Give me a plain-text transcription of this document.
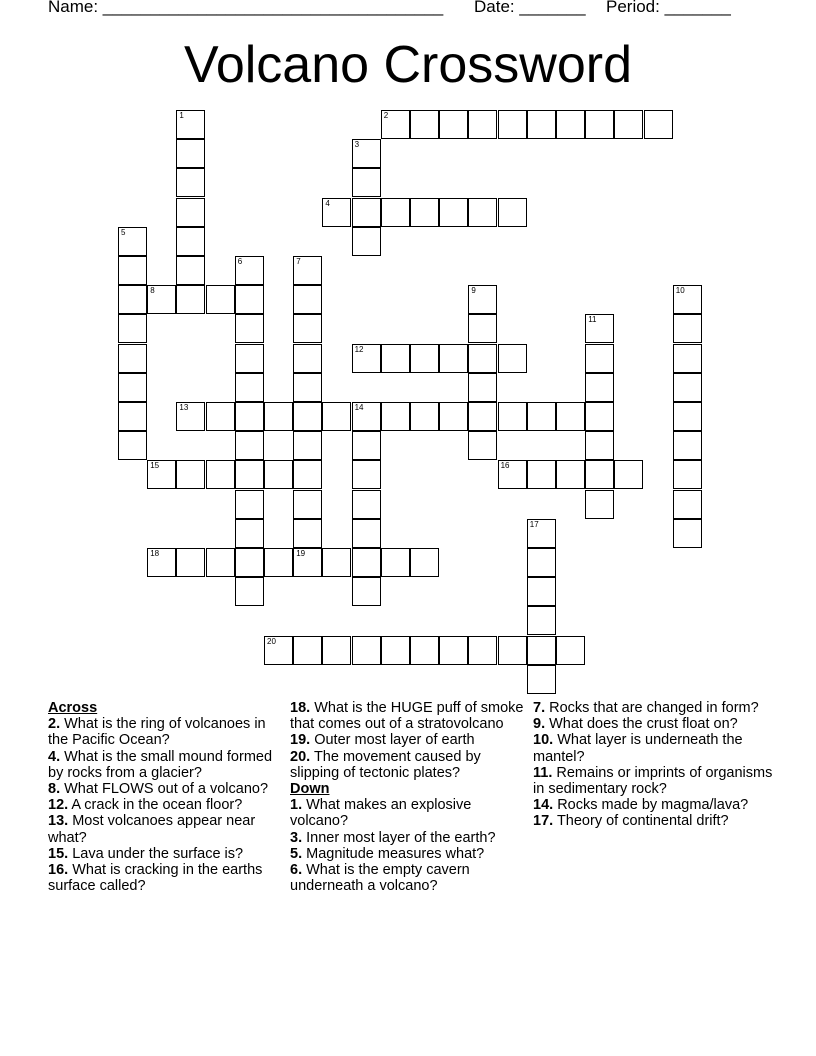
Name: ____________________________________ Date: _______ Period: _______
Volcano Crossword
1	2
3
4
5
6	7
19
8	9	10
11
12
13	14
15	16
17
18
20

Across

2. What is the ring of volcanoes in the Pacific Ocean?

4. What is the small mound formed by rocks from a glacier?

8. What FLOWS out of a volcano?

12. A crack in the ocean floor?

13. Most volcanoes appear near what?

15. Lava under the surface is?

16. What is cracking in the earths surface called?

18. What is the HUGE puff of smoke that comes out of a stratovolcano

19. Outer most layer of earth

20. The movement caused by slipping of tectonic plates?

Down

1. What makes an explosive volcano?

3. Inner most layer of the earth?

5. Magnitude measures what?

6. What is the empty cavern underneath a volcano?

7. Rocks that are changed in form?

9. What does the crust float on?

10. What layer is underneath the mantel?

11. Remains or imprints of organisms in sedimentary rock?

14. Rocks made by magma/lava?

17. Theory of continental drift?
